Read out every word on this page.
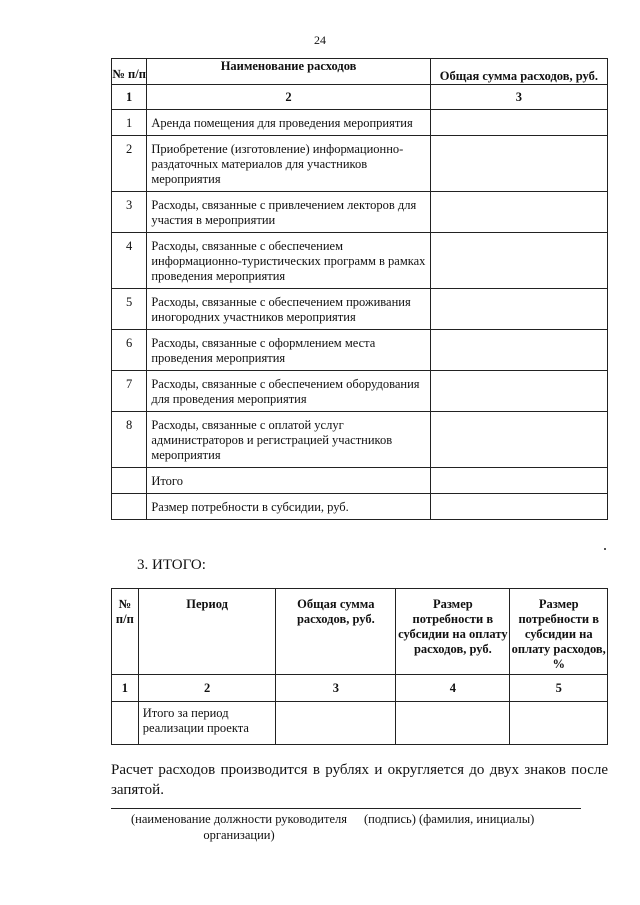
24
№ п/п	Наименование расходов	Общая сумма расходов, руб.
1	2	3
1	Аренда помещения для проведения мероприятия	
2	Приобретение (изготовление) информационно-раздаточных материалов для участников мероприятия	
3	Расходы, связанные с привлечением лекторов для участия в мероприятии	
4	Расходы, связанные с обеспечением информационно-туристических программ в рамках проведения мероприятия	
5	Расходы, связанные с обеспечением проживания иногородних участников мероприятия	
6	Расходы, связанные с оформлением места проведения мероприятия	
7	Расходы, связанные с обеспечением оборудования для проведения мероприятия	
8	Расходы, связанные с оплатой услуг администраторов и регистрацией участников мероприятия	
	Итого	
	Размер потребности в субсидии, руб.	
3. ИТОГО:
№ п/п	Период	Общая сумма расходов, руб.	Размер потребности в субсидии на оплату расходов, руб.	Размер потребности в субсидии на оплату расходов, %
1	2	3	4	5
	Итого за период реализации проекта			
Расчет расходов производится в рублях и округляется до двух знаков после запятой.
(наименование должности руководителя организации)
(подпись) (фамилия, инициалы)
